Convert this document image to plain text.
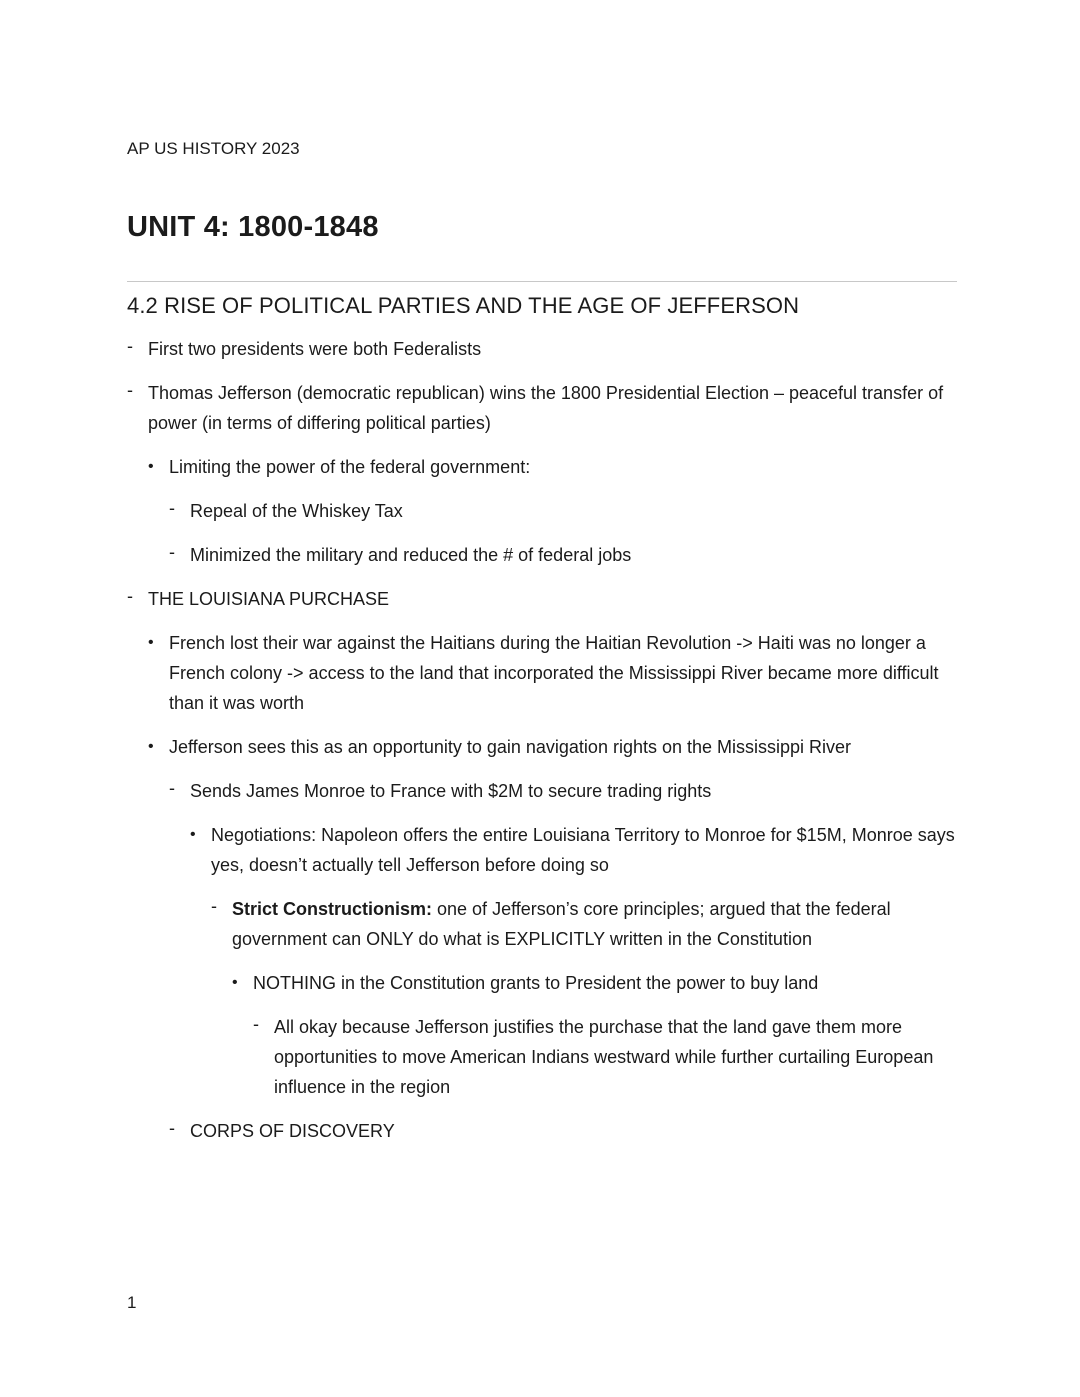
AP US HISTORY 2023
UNIT 4: 1800-1848
4.2 RISE OF POLITICAL PARTIES AND THE AGE OF JEFFERSON
- First two presidents were both Federalists
- Thomas Jefferson (democratic republican) wins the 1800 Presidential Election – peaceful transfer of power (in terms of differing political parties)
• Limiting the power of the federal government:
- Repeal of the Whiskey Tax
- Minimized the military and reduced the # of federal jobs
- THE LOUISIANA PURCHASE
• French lost their war against the Haitians during the Haitian Revolution -> Haiti was no longer a French colony -> access to the land that incorporated the Mississippi River became more difficult than it was worth
• Jefferson sees this as an opportunity to gain navigation rights on the Mississippi River
- Sends James Monroe to France with $2M to secure trading rights
• Negotiations: Napoleon offers the entire Louisiana Territory to Monroe for $15M, Monroe says yes, doesn’t actually tell Jefferson before doing so
- Strict Constructionism: one of Jefferson’s core principles; argued that the federal government can ONLY do what is EXPLICITLY written in the Constitution
• NOTHING in the Constitution grants to President the power to buy land
- All okay because Jefferson justifies the purchase that the land gave them more opportunities to move American Indians westward while further curtailing European influence in the region
- CORPS OF DISCOVERY
1
